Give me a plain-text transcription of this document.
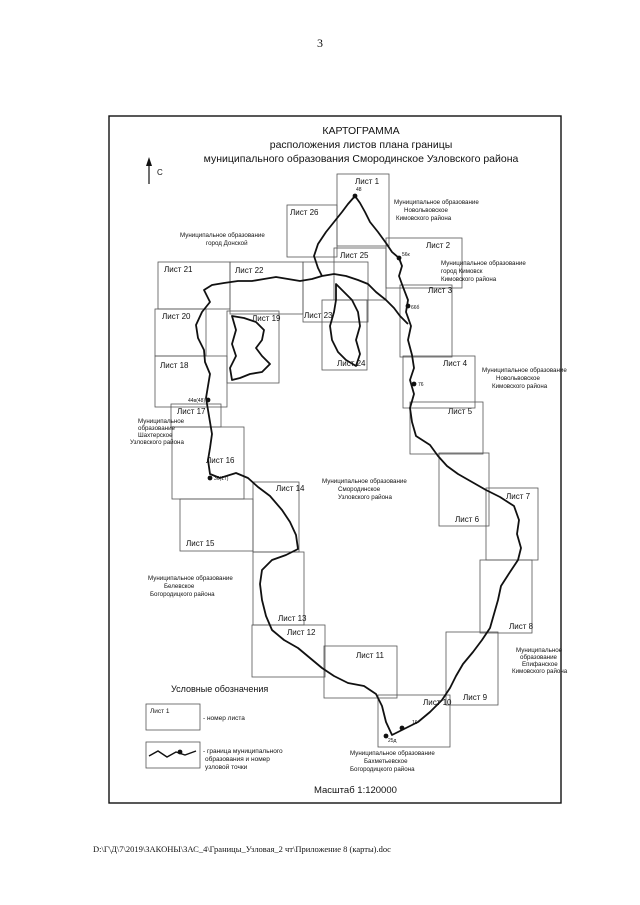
3
КАРТОГРАММА
расположения листов плана границы
муниципального образования Смородинское Узловского района
С
Лист 1
Лист 2
Лист 3
Лист 4
Лист 5
Лист 6
Лист 7
Лист 8
Лист 9
Лист 10
Лист 11
Лист 12
Лист 13
Лист 14
Лист 15
Лист 16
Лист 17
Лист 18
Лист 19
Лист 20
Лист 21	Лист 22
Лист 23
Лист 24
Лист 25
Лист 26
48
56к
66б
76
44в(48)
36(17)
16
25д
Муниципальное образование
Новольвовское
Кимовского района
Муниципальное образование
город Донской
Муниципальное образование
город Кимовск
Кимовского района
Муниципальное образование
Новольвовское
Кимовского района
Муниципальное
образование
Шахтерское
Узловского района
Муниципальное образование
Смородинское
Узловского района
Муниципальное образование
Белевское
Богородицкого района
Муниципальное
образование
Епифанское
Кимовского района
Муниципальное образование
Бахметьевское
Богородицкого района
Условные обозначения
Лист 1
- номер листа
- граница муниципального
образования и номер
узловой точки
Масштаб 1:120000
D:\Г\Д\7\2019\ЗАКОНЫ\ЗАС_4\Границы_Узловая_2 чт\Приложение 8 (карты).doc
